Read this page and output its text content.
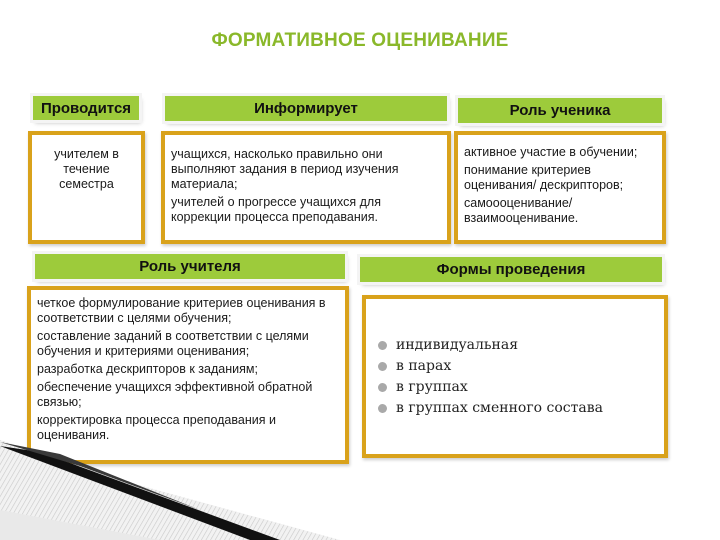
ФОРМАТИВНОЕ ОЦЕНИВАНИЕ
Проводится	Информирует	Роль ученика
учителем в
течение
семестра

учащихся, насколько правильно они выполняют задания в период изучения материала;

учителей о прогрессе учащихся для коррекции процесса преподавания.

активное участие в обучении;

понимание критериев оценивания/ дескрипторов;

самоооценивание/ взаимооценивание.

Роль учителя	Формы проведения

четкое формулирование критериев оценивания в соответствии с целями обучения;

составление заданий в соответствии с целями обучения и критериями оценивания;

разработка дескрипторов к заданиям;

обеспечение учащихся эффективной обратной связью;

корректировка процесса преподавания и оценивания.

индивидуальная
в парах
в группах
в группах сменного состава
